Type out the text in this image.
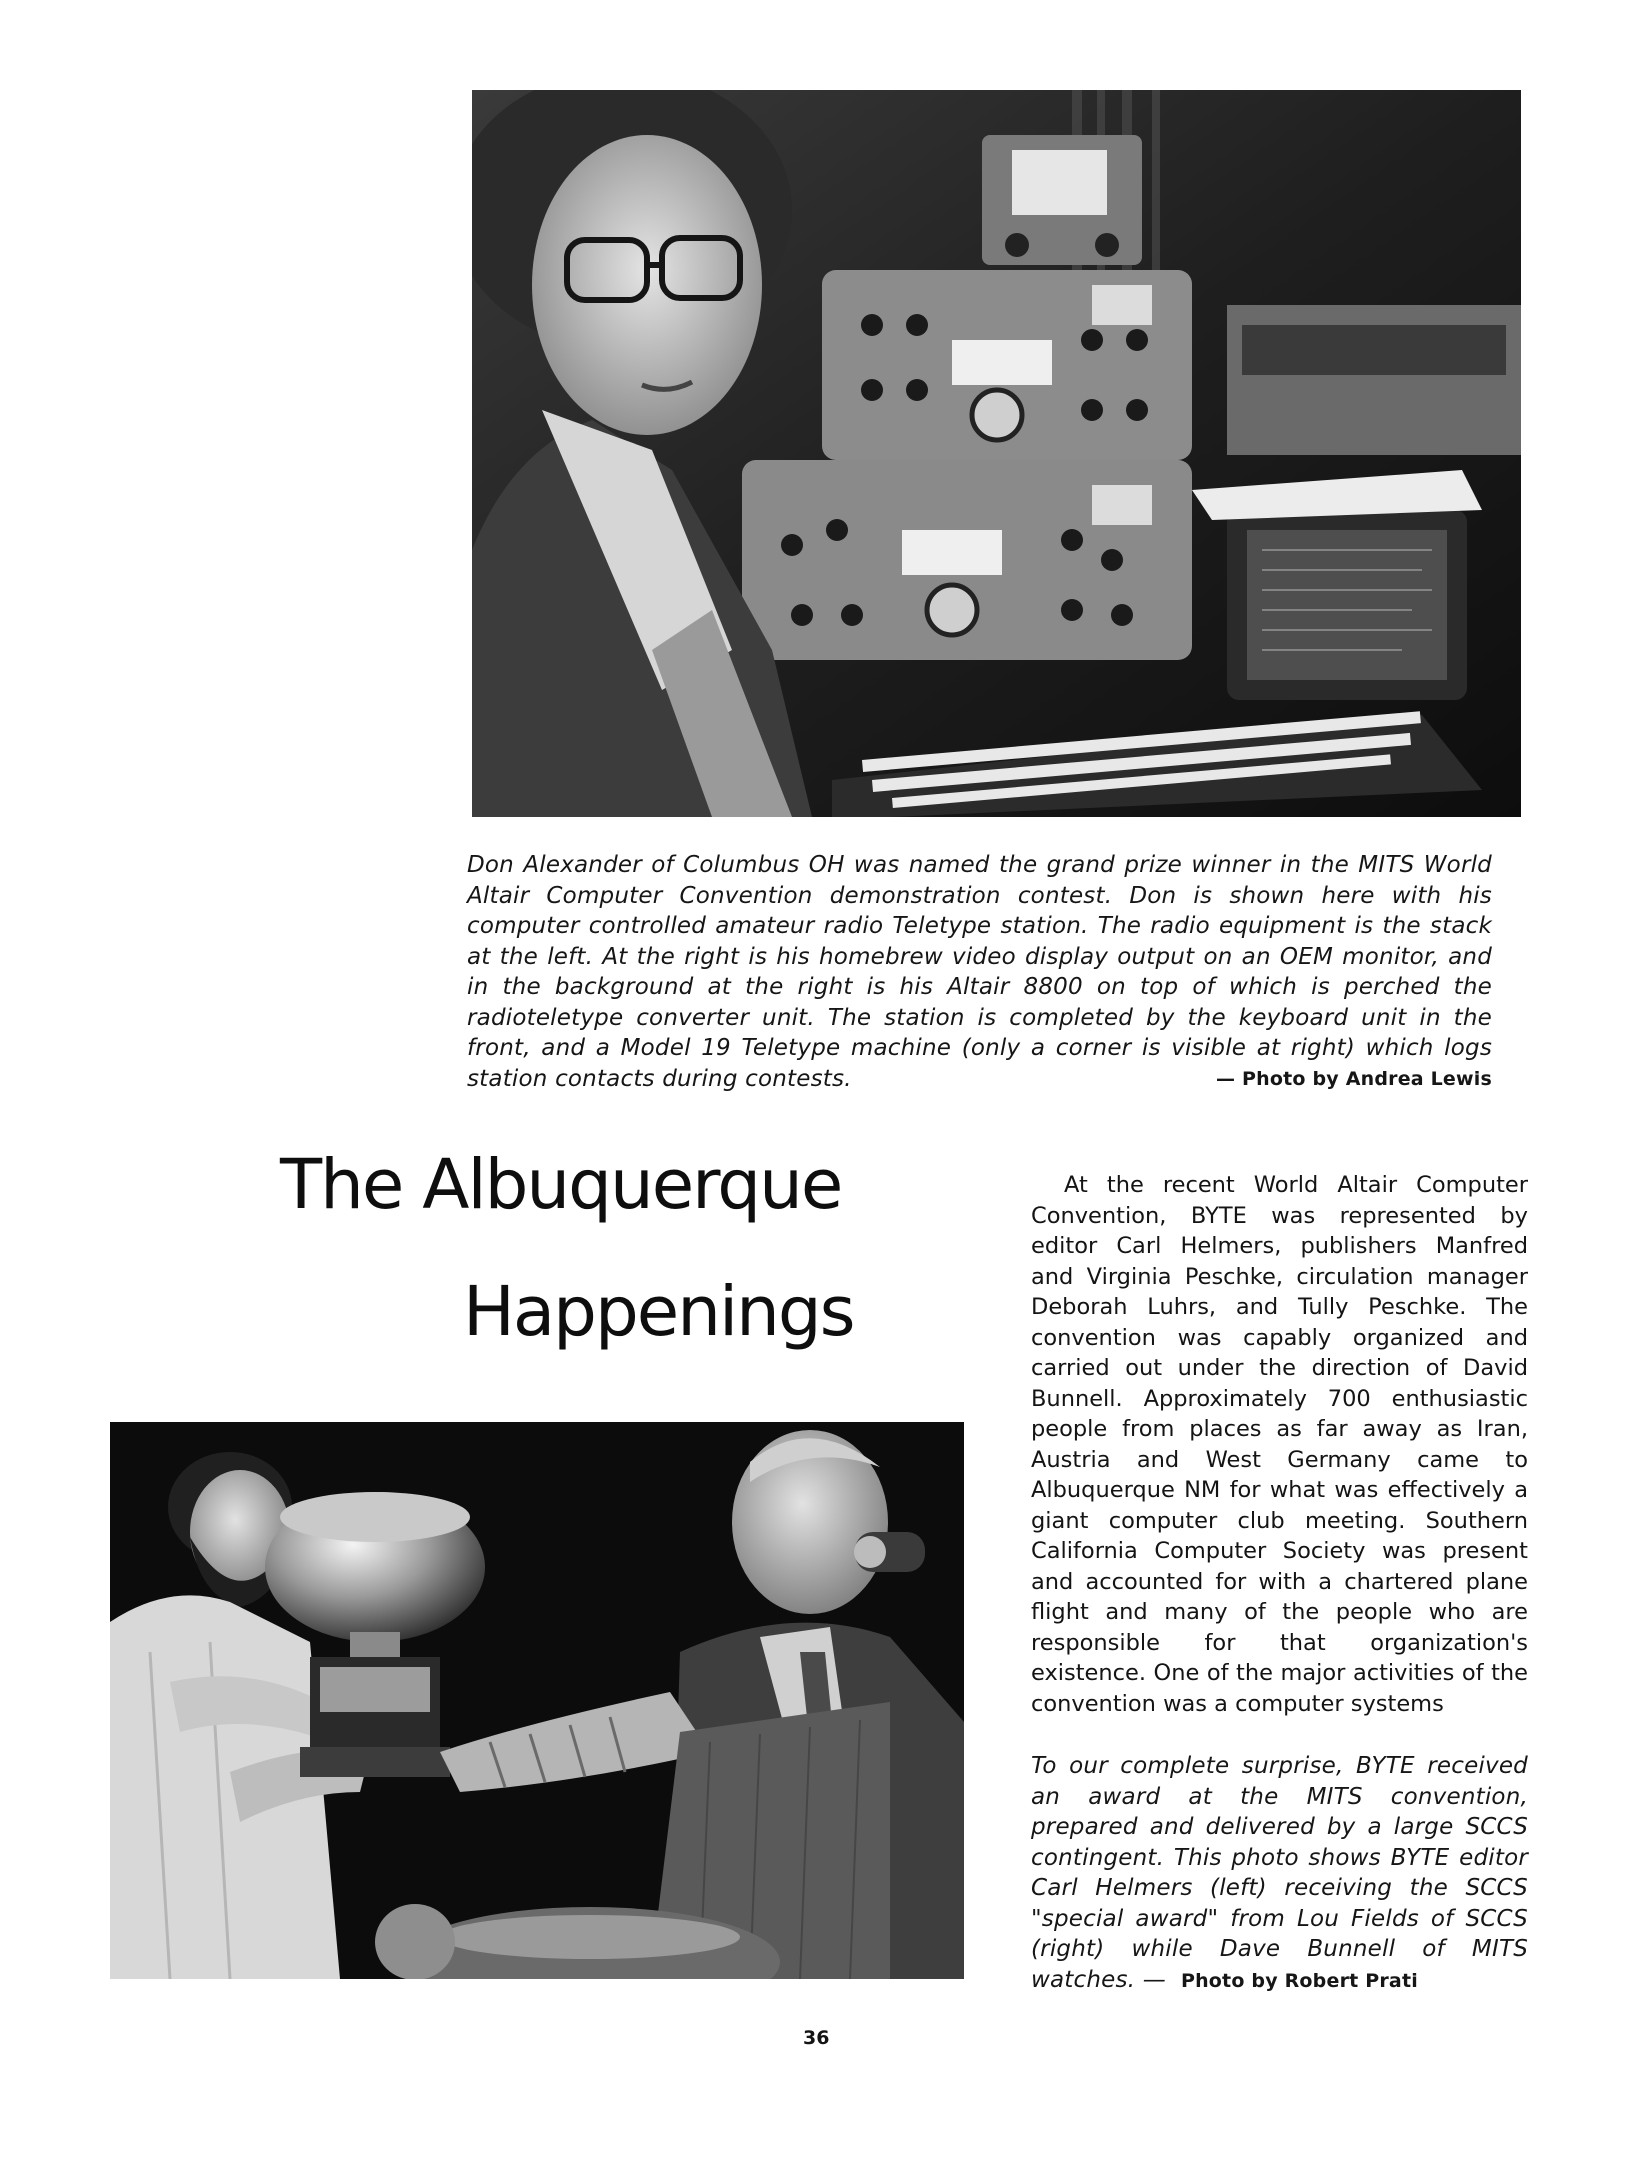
Don Alexander of Columbus OH was named the grand prize winner in the MITS World Altair Computer Convention demonstration contest. Don is shown here with his computer controlled amateur radio Teletype station. The radio equipment is the stack at the left. At the right is his homebrew video display output on an OEM monitor, and in the background at the right is his Altair 8800 on top of which is perched the radioteletype converter unit. The station is completed by the keyboard unit in the front, and a Model 19 Teletype machine (only a corner is visible at right) which logs station contacts during contests.	— Photo by Andrea Lewis
The Albuquerque
Happenings

At the recent World Altair Computer Convention, BYTE was represented by editor Carl Helmers, publishers Manfred and Virginia Peschke, circulation manager Deborah Luhrs, and Tully Peschke. The convention was capably organized and carried out under the direction of David Bunnell. Approximately 700 enthusiastic people from places as far away as Iran, Austria and West Germany came to Albuquerque NM for what was effectively a giant computer club meeting. Southern California Computer Society was present and accounted for with a chartered plane flight and many of the people who are responsible for that organization's existence. One of the major activities of the convention was a computer systems

To our complete surprise, BYTE received an award at the MITS convention, prepared and delivered by a large SCCS contingent. This photo shows BYTE editor Carl Helmers (left) receiving the SCCS "special award" from Lou Fields of SCCS (right) while Dave Bunnell of MITS watches. — Photo by Robert Prati
36
